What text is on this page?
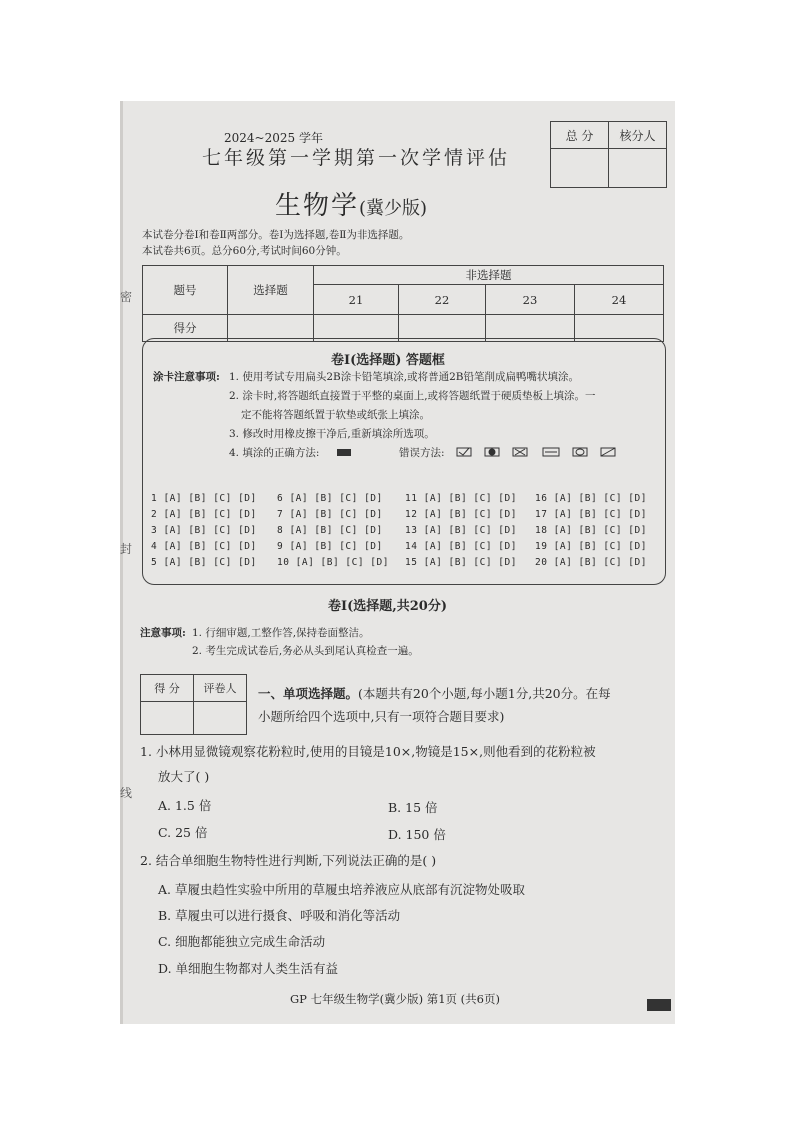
总 分	核分人

2024~2025 学年
七年级第一学期第一次学情评估
生物学(冀少版)
本试卷分卷Ⅰ和卷Ⅱ两部分。卷Ⅰ为选择题,卷Ⅱ为非选择题。
本试卷共6页。总分60分,考试时间60分钟。
题号	选择题	非选择题			
		21	22	23	24
得分					
卷Ⅰ(选择题) 答题框
涂卡注意事项: 1. 使用考试专用扁头2B涂卡铅笔填涂,或将普通2B铅笔削成扁鸭嘴状填涂。
2. 涂卡时,将答题纸直接置于平整的桌面上,或将答题纸置于硬质垫板上填涂。一
定不能将答题纸置于软垫或纸张上填涂。
3. 修改时用橡皮擦干净后,重新填涂所选项。
4. 填涂的正确方法:	错误方法:
1 [A] [B] [C] [D]
2 [A] [B] [C] [D]
3 [A] [B] [C] [D]
4 [A] [B] [C] [D]
5 [A] [B] [C] [D]
6 [A] [B] [C] [D]
7 [A] [B] [C] [D]
8 [A] [B] [C] [D]
9 [A] [B] [C] [D]
10 [A] [B] [C] [D]
11 [A] [B] [C] [D]
12 [A] [B] [C] [D]
13 [A] [B] [C] [D]
14 [A] [B] [C] [D]
15 [A] [B] [C] [D]
16 [A] [B] [C] [D]
17 [A] [B] [C] [D]
18 [A] [B] [C] [D]
19 [A] [B] [C] [D]
20 [A] [B] [C] [D]
卷Ⅰ(选择题,共20分)
注意事项: 1. 行细审题,工整作答,保持卷面整洁。
2. 考生完成试卷后,务必从头到尾认真检查一遍。
得 分	评卷人
	一、单项选择题。(本题共有20个小题,每小题1分,共20分。在每
小题所给四个选项中,只有一项符合题目要求)
1. 小林用显微镜观察花粉粒时,使用的目镜是10×,物镜是15×,则他看到的花粉粒被
放大了( )
A. 1.5 倍	B. 15 倍
C. 25 倍	D. 150 倍
2. 结合单细胞生物特性进行判断,下列说法正确的是( )
A. 草履虫趋性实验中所用的草履虫培养液应从底部有沉淀物处吸取
B. 草履虫可以进行摄食、呼吸和消化等活动
C. 细胞都能独立完成生命活动
D. 单细胞生物都对人类生活有益
GP 七年级生物学(冀少版) 第1页 (共6页)
密
封
线
